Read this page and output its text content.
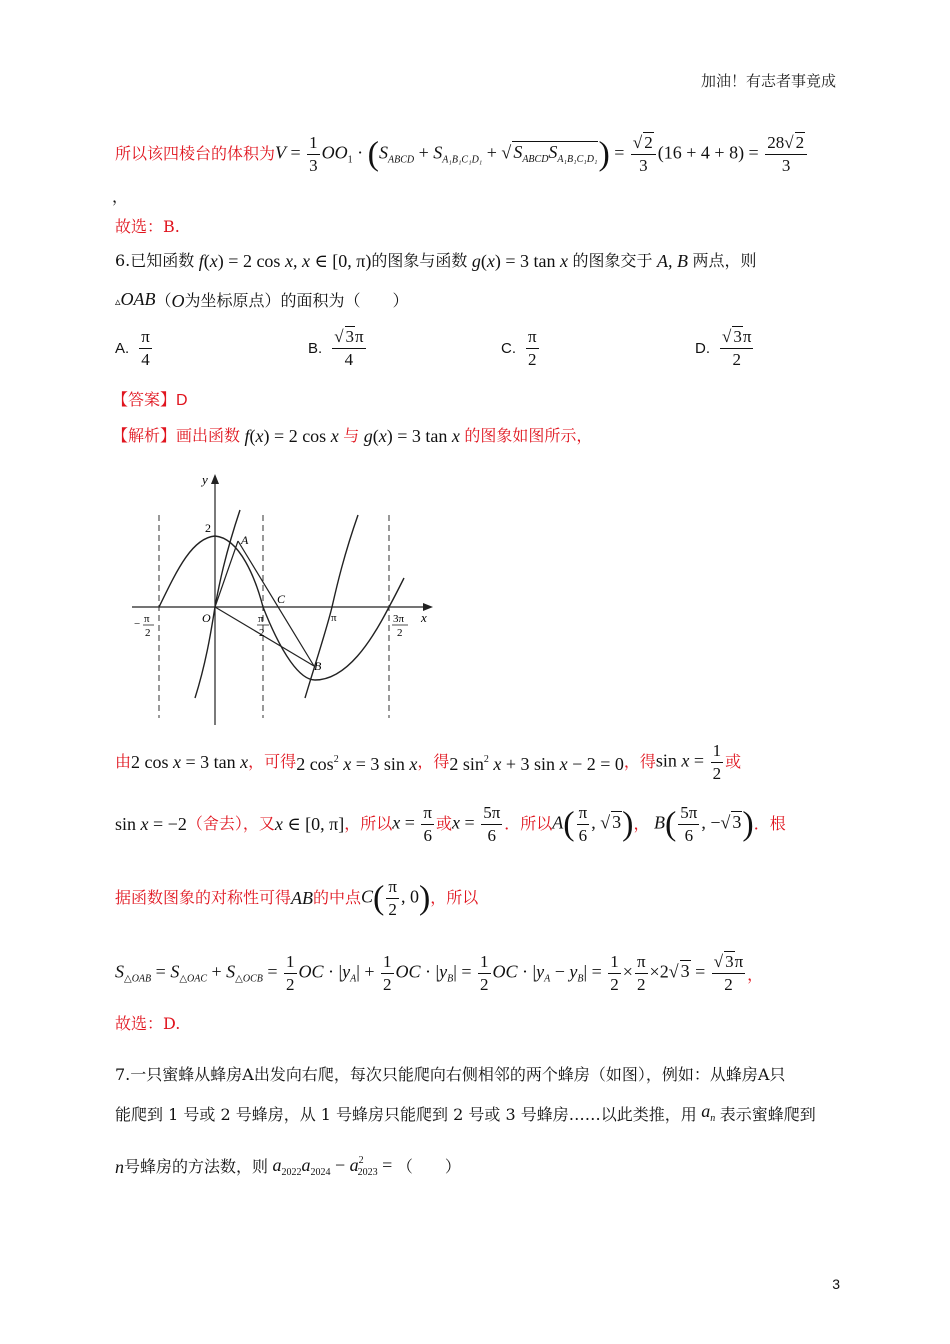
加油！有志者事竟成
所以该四棱台的体积为 $V = \frac{1}{3} OO_1 \cdot (S_{ABCD} + S_{A_1B_1C_1D_1}$ + √ $S_{ABCD}S_{A_1B_1C_1D_1}) = \frac{√ 2}{3} (16 + 4 + 8) = \frac{28√ 2}{3}$
，
故选：B.
6. 已知函数 f(x) = 2 cos x, x ∈ [0, π) 的图象与函数 g(x) = 3 tan x 的图象交于 A, B 两点，则
▵OAB （ O 为坐标原点）的面积为（　　）
A. $\frac{\pi}{4}$	B. $\frac{√ 3\pi}{4}$	C. $\frac{\pi}{2}$	D. $\frac{√ 3\pi}{2}$
【答案】D
【解析】 画出函数 f(x) = 2 cos x 与 g(x) = 3 tan x 的图象如图所示，
y
x
2
O
A
B
C
− π
2
π
2
π	3π
2
由 2 cos x = 3 tan x ，可得 2 $\cos^2 x = 3$ sin x ，得 2 $\sin^2 x + 3$ sin x − 2 = 0 ，得 $\sin x = \frac{1}{2}$ 或
sin x = −2 （舍去），又 x ∈ [0, π] ，所以 $x = \frac{\pi}{6}$ 或 $x = \frac{5\pi}{6}$ ．所以 $A( \frac{\pi}{6}$ , √ 3) ， $B( \frac{5\pi}{6}$ , −√ 3) ．根
据函数图象的对称性可得 AB 的中点 $C( \frac{\pi}{2}$ , 0) ，所以
$S_{\triangle OAB} = S_{\triangle OAC} + S_{\triangle OCB} = \frac{1}{2}$ OC · $|y_A| + \frac{1}{2}$ OC · $|y_B| = \frac{1}{2}$ OC · $|y_A - y_B| = \frac{1}{2} \times \frac{\pi}{2} \times 2√$ $3 = \frac{√ 3\pi}{2}$ ，
故选：D.
7.一只蜜蜂从蜂房A出发向右爬，每次只能爬向右侧相邻的两个蜂房（如图），例如：从蜂房A只
能爬到 1 号或 2 号蜂房，从 1 号蜂房只能爬到 2 号或 3 号蜂房……以此类推，用 $a_n$ 表示蜜蜂爬到
n 号蜂房的方法数，则 $a_{2022}a_{2024} - a^2_{2023}$ = （　　）
3
